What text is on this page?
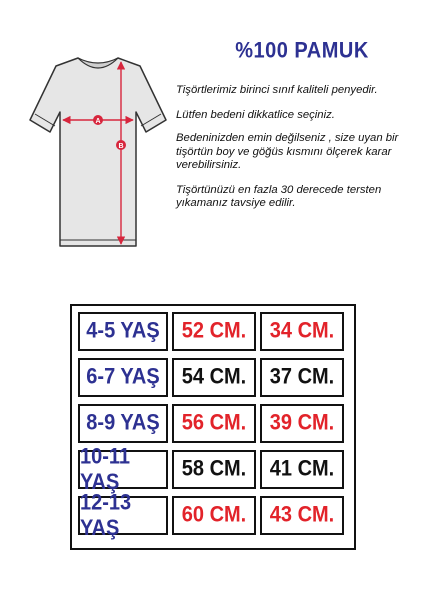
%100 PAMUK
A
B

Tişörtlerimiz birinci sınıf kaliteli penyedir.

Lütfen bedeni dikkatlice seçiniz.

Bedeninizden emin değilseniz , size uyan bir tişörtün boy ve göğüs kısmını ölçerek karar verebilirsiniz.

Tişörtünüzü en fazla 30 derecede tersten yıkamanız tavsiye edilir.

4-5 YAŞ 52 CM. 34 CM.
6-7 YAŞ 54 CM. 37 CM.
8-9 YAŞ 56 CM. 39 CM.
10-11 YAŞ
58 CM. 41 CM.
12-13 YAŞ
60 CM. 43 CM.
